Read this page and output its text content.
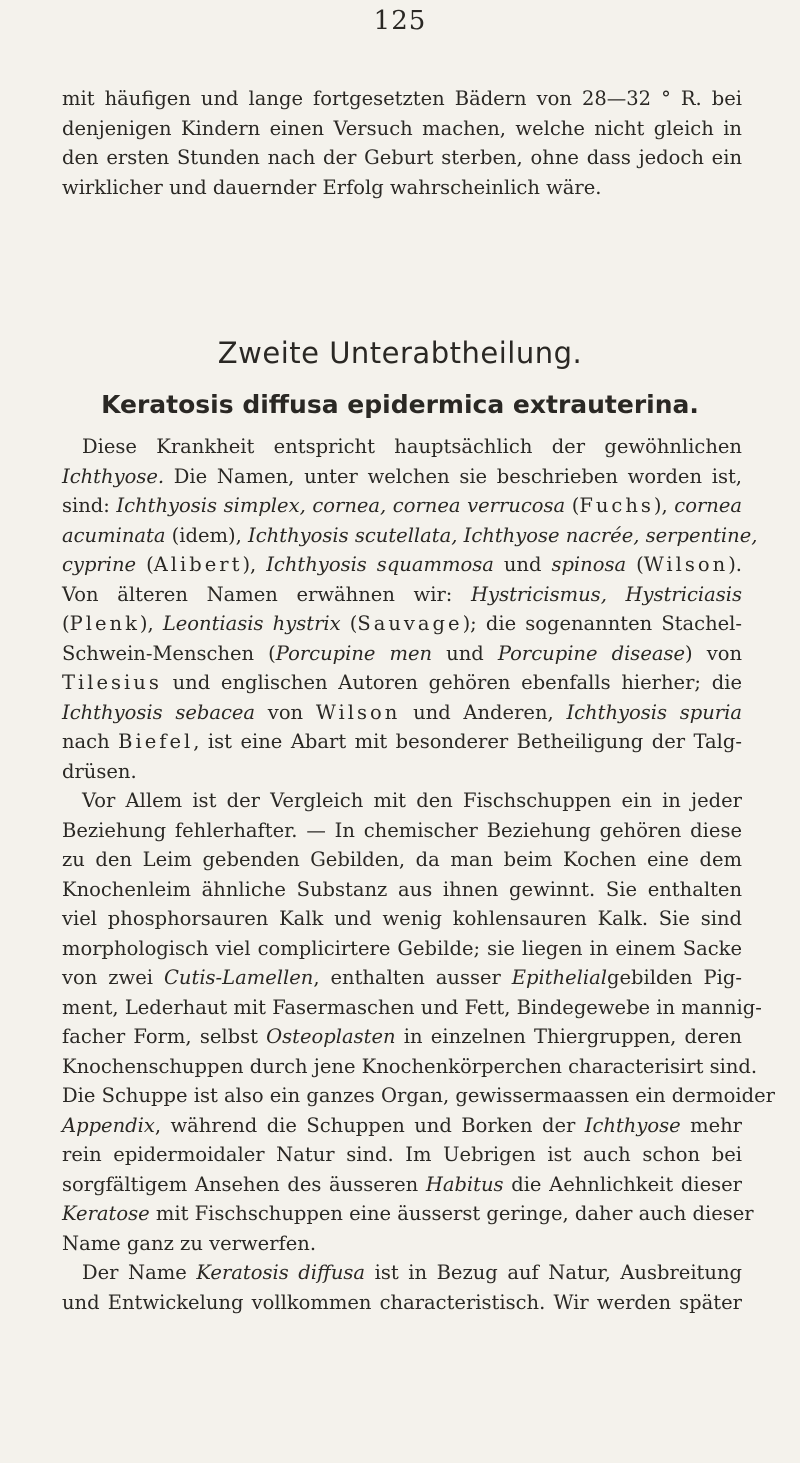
125
mit häufigen und lange fortgesetzten Bädern von 28—32 ° R. bei
denjenigen Kindern einen Versuch machen, welche nicht gleich in
den ersten Stunden nach der Geburt sterben, ohne dass jedoch ein
wirklicher und dauernder Erfolg wahrscheinlich wäre.
Zweite Unterabtheilung.
Keratosis diffusa epidermica extrauterina.
Diese Krankheit entspricht hauptsächlich der gewöhnlichen
Ichthyose. Die Namen, unter welchen sie beschrieben worden ist,
sind: Ichthyosis simplex, cornea, cornea verrucosa (Fuchs), cornea
acuminata (idem), Ichthyosis scutellata, Ichthyose nacrée, serpentine,
cyprine (Alibert), Ichthyosis squammosa und spinosa (Wilson).
Von älteren Namen erwähnen wir: Hystricismus, Hystriciasis
(Plenk), Leontiasis hystrix (Sauvage); die sogenannten Stachel-
Schwein-Menschen (Porcupine men und Porcupine disease) von
Tilesius und englischen Autoren gehören ebenfalls hierher; die
Ichthyosis sebacea von Wilson und Anderen, Ichthyosis spuria
nach Biefel, ist eine Abart mit besonderer Betheiligung der Talg-
drüsen.
Vor Allem ist der Vergleich mit den Fischschuppen ein in jeder
Beziehung fehlerhafter. — In chemischer Beziehung gehören diese
zu den Leim gebenden Gebilden, da man beim Kochen eine dem
Knochenleim ähnliche Substanz aus ihnen gewinnt. Sie enthalten
viel phosphorsauren Kalk und wenig kohlensauren Kalk. Sie sind
morphologisch viel complicirtere Gebilde; sie liegen in einem Sacke
von zwei Cutis-Lamellen, enthalten ausser Epithelialgebilden Pig-
ment, Lederhaut mit Fasermaschen und Fett, Bindegewebe in mannig-
facher Form, selbst Osteoplasten in einzelnen Thiergruppen, deren
Knochenschuppen durch jene Knochenkörperchen characterisirt sind.
Die Schuppe ist also ein ganzes Organ, gewissermaassen ein dermoider
Appendix, während die Schuppen und Borken der Ichthyose mehr
rein epidermoidaler Natur sind. Im Uebrigen ist auch schon bei
sorgfältigem Ansehen des äusseren Habitus die Aehnlichkeit dieser
Keratose mit Fischschuppen eine äusserst geringe, daher auch dieser
Name ganz zu verwerfen.
Der Name Keratosis diffusa ist in Bezug auf Natur, Ausbreitung
und Entwickelung vollkommen characteristisch. Wir werden später
